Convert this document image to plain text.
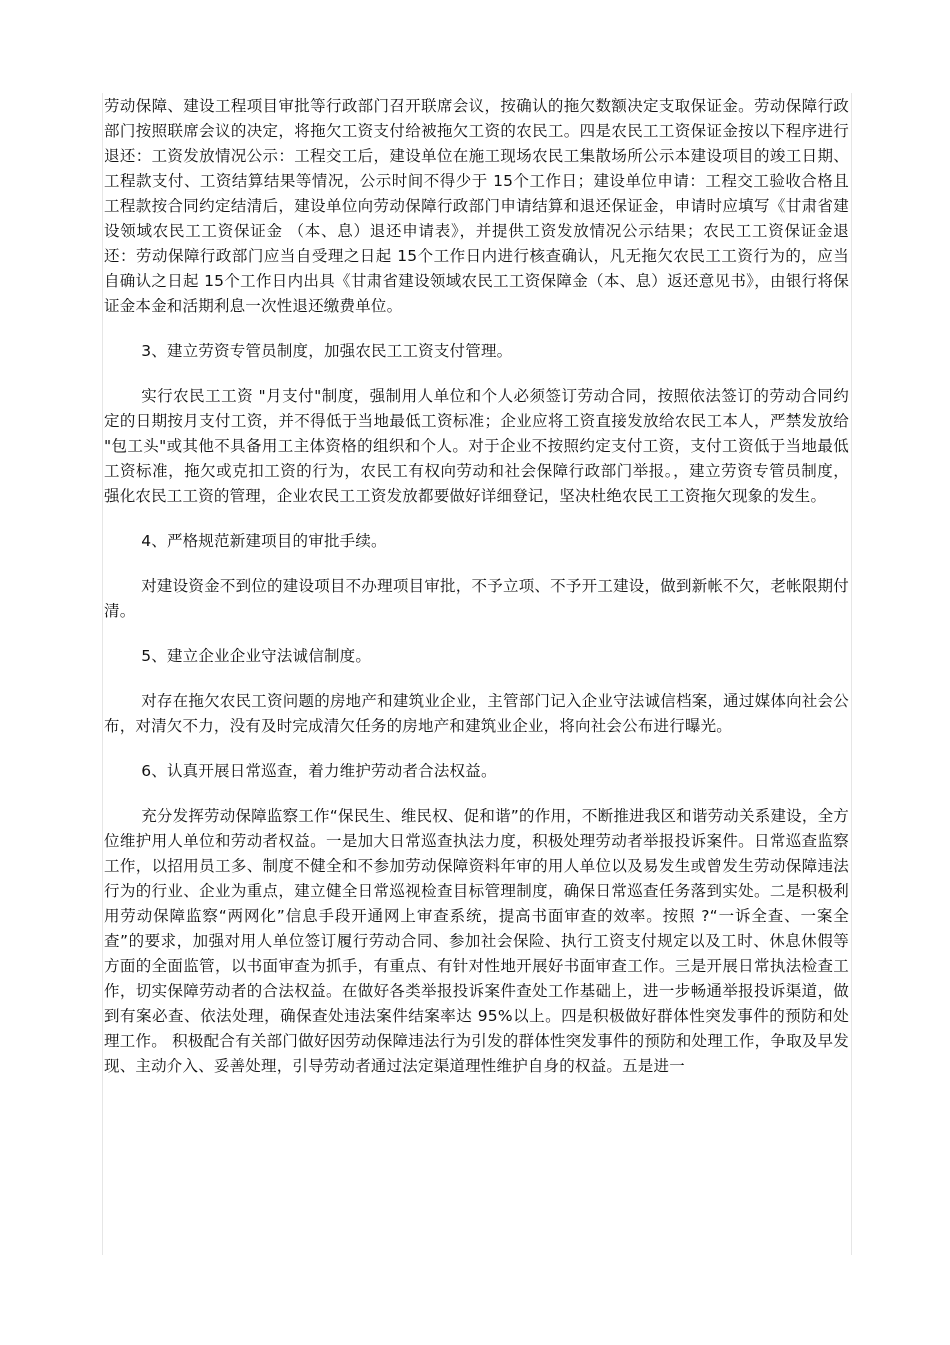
劳动保障、建设工程项目审批等行政部门召开联席会议，按确认的拖欠数额决定支取保证金。劳动保障行政部门按照联席会议的决定，将拖欠工资支付给被拖欠工资的农民工。四是农民工工资保证金按以下程序进行退还：工资发放情况公示：工程交工后，建设单位在施工现场农民工集散场所公示本建设项目的竣工日期、 工程款支付、工资结算结果等情况，公示时间不得少于 15个工作日；建设单位申请：工程交工验收合格且工程款按合同约定结清后，建设单位向劳动保障行政部门申请结算和退还保证金，申请时应填写《甘肃省建设领域农民工工资保证金 （本、息）退还申请表》，并提供工资发放情况公示结果；农民工工资保证金退还：劳动保障行政部门应当自受理之日起 15个工作日内进行核查确认，凡无拖欠农民工工资行为的，应当自确认之日起 15个工作日内出具《甘肃省建设领域农民工工资保障金（本、息）返还意见书》，由银行将保证金本金和活期利息一次性退还缴费单位。

3、建立劳资专管员制度，加强农民工工资支付管理。

实行农民工工资 "月支付"制度，强制用人单位和个人必须签订劳动合同，按照依法签订的劳动合同约定的日期按月支付工资，并不得低于当地最低工资标准；企业应将工资直接发放给农民工本人，严禁发放给 "包工头"或其他不具备用工主体资格的组织和个人。对于企业不按照约定支付工资，支付工资低于当地最低工资标准，拖欠或克扣工资的行为，农民工有权向劳动和社会保障行政部门举报。，建立劳资专管员制度，强化农民工工资的管理，企业农民工工资发放都要做好详细登记，坚决杜绝农民工工资拖欠现象的发生。

4、严格规范新建项目的审批手续。

对建设资金不到位的建设项目不办理项目审批，不予立项、不予开工建设，做到新帐不欠，老帐限期付清。

5、建立企业企业守法诚信制度。

对存在拖欠农民工资问题的房地产和建筑业企业，主管部门记入企业守法诚信档案，通过媒体向社会公布，对清欠不力，没有及时完成清欠任务的房地产和建筑业企业，将向社会公布进行曝光。

6、认真开展日常巡查，着力维护劳动者合法权益。

充分发挥劳动保障监察工作“保民生、维民权、促和谐”的作用，不断推进我区和谐劳动关系建设，全方位维护用人单位和劳动者权益。一是加大日常巡查执法力度，积极处理劳动者举报投诉案件。日常巡查监察工作，以招用员工多、制度不健全和不参加劳动保障资料年审的用人单位以及易发生或曾发生劳动保障违法行为的行业、企业为重点，建立健全日常巡视检查目标管理制度，确保日常巡查任务落到实处。二是积极利用劳动保障监察“两网化”信息手段开通网上审查系统，提高书面审查的效率。按照 ?“一诉全查、一案全查”的要求，加强对用人单位签订履行劳动合同、参加社会保险、执行工资支付规定以及工时、休息休假等方面的全面监管，以书面审查为抓手，有重点、有针对性地开展好书面审查工作。三是开展日常执法检查工作，切实保障劳动者的合法权益。在做好各类举报投诉案件查处工作基础上，进一步畅通举报投诉渠道，做到有案必查、依法处理，确保查处违法案件结案率达 95%以上。四是积极做好群体性突发事件的预防和处理工作。 积极配合有关部门做好因劳动保障违法行为引发的群体性突发事件的预防和处理工作，争取及早发现、主动介入、妥善处理，引导劳动者通过法定渠道理性维护自身的权益。五是进一
